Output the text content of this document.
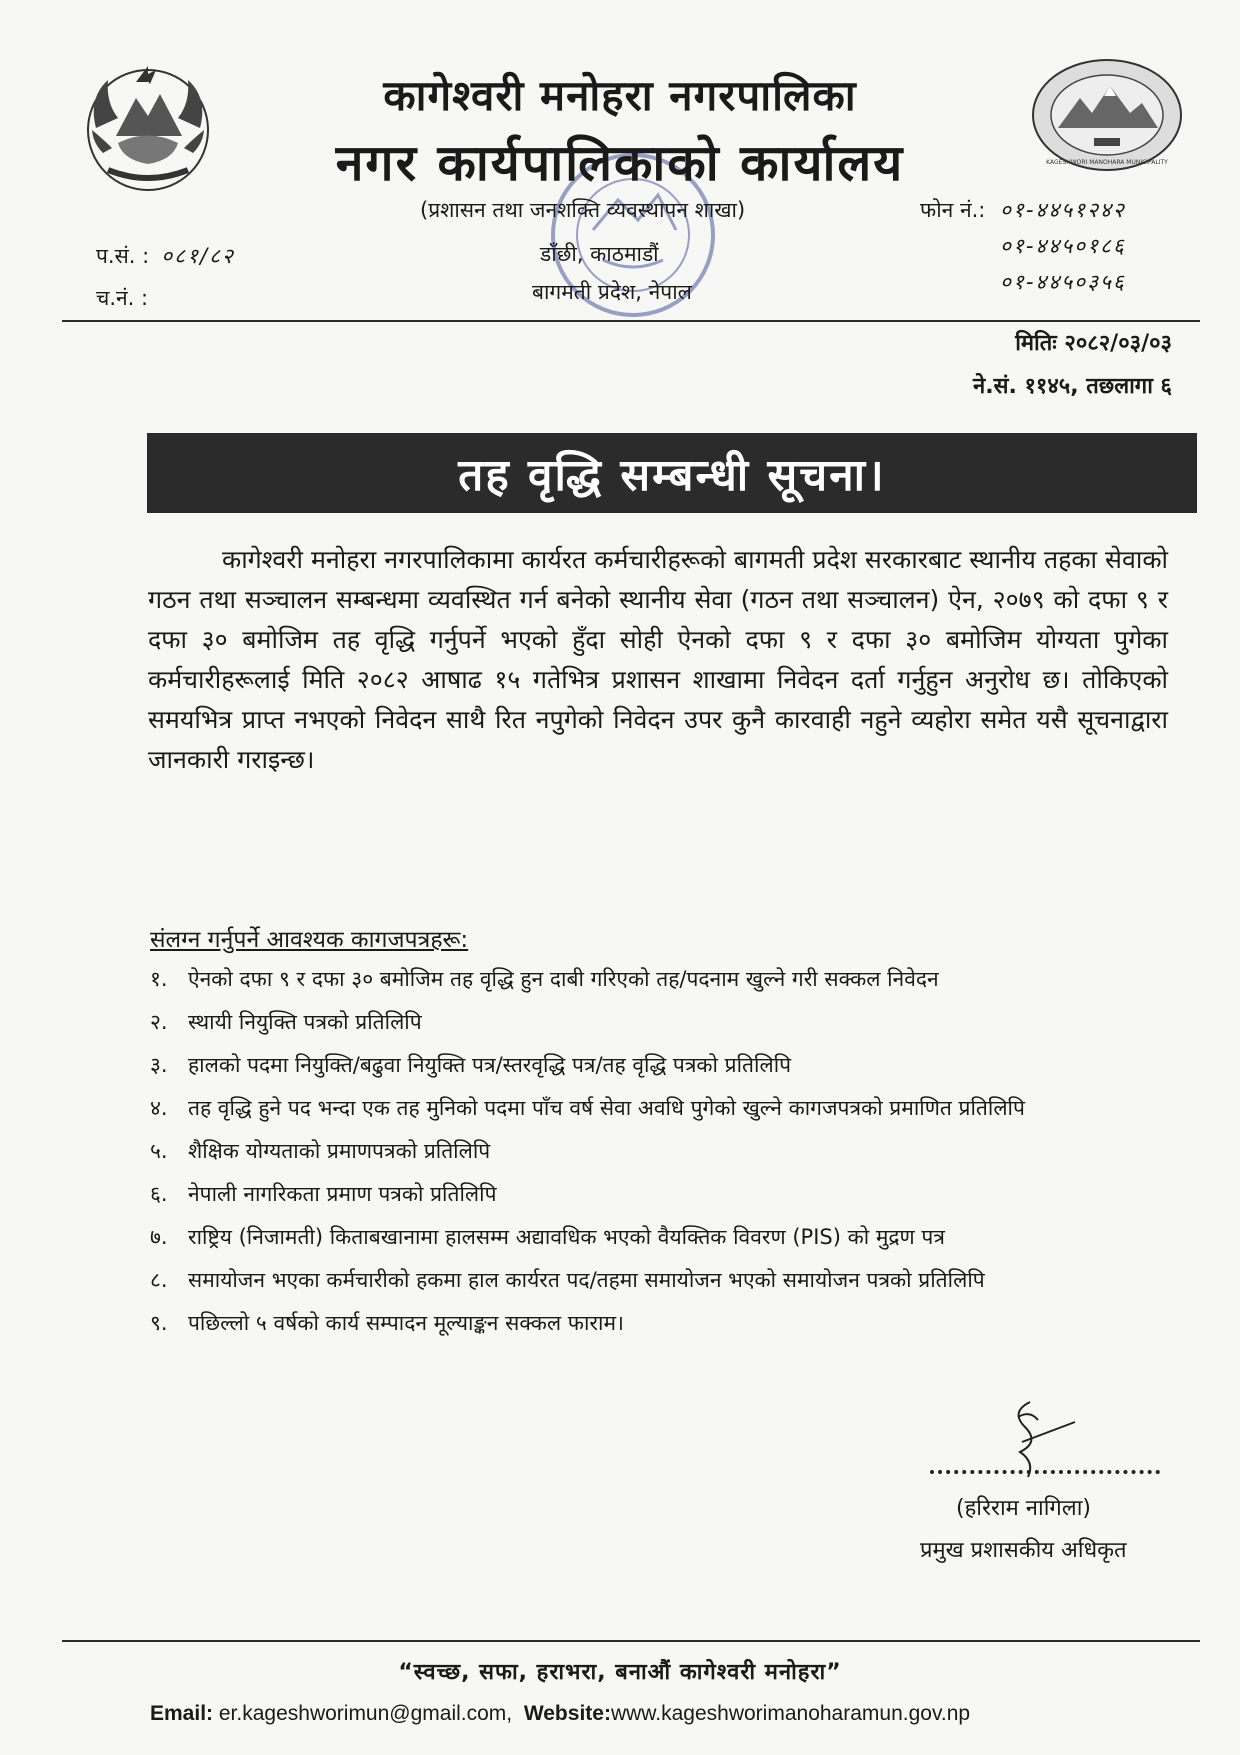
KAGESHWORI MANOHARA MUNICIPALITY
कागेश्वरी मनोहरा नगरपालिका
नगर कार्यपालिकाको कार्यालय
(प्रशासन तथा जनशक्ति व्यवस्थापन शाखा)
डाँछी, काठमाडौं
बागमती प्रदेश, नेपाल
फोन नं.: ०१-४४५१२४२
०१-४४५०१८६
०१-४४५०३५६
प.सं. : ०८१/८२
च.नं. :
मितिः २०८२/०३/०३
ने.सं. ११४५, तछलागा ६
तह वृद्धि सम्बन्धी सूचना।
कागेश्वरी मनोहरा नगरपालिकामा कार्यरत कर्मचारीहरूको बागमती प्रदेश सरकारबाट स्थानीय तहका सेवाको गठन तथा सञ्चालन सम्बन्धमा व्यवस्थित गर्न बनेको स्थानीय सेवा (गठन तथा सञ्चालन) ऐन, २०७९ को दफा ९ र दफा ३० बमोजिम तह वृद्धि गर्नुपर्ने भएको हुँदा सोही ऐनको दफा ९ र दफा ३० बमोजिम योग्यता पुगेका कर्मचारीहरूलाई मिति २०८२ आषाढ १५ गतेभित्र प्रशासन शाखामा निवेदन दर्ता गर्नुहुन अनुरोध छ। तोकिएको समयभित्र प्राप्त नभएको निवेदन साथै रित नपुगेको निवेदन उपर कुनै कारवाही नहुने व्यहोरा समेत यसै सूचनाद्वारा जानकारी गराइन्छ।
संलग्न गर्नुपर्ने आवश्यक कागजपत्रहरू:
१. ऐनको दफा ९ र दफा ३० बमोजिम तह वृद्धि हुन दाबी गरिएको तह/पदनाम खुल्ने गरी सक्कल निवेदन
२. स्थायी नियुक्ति पत्रको प्रतिलिपि
३. हालको पदमा नियुक्ति/बढुवा नियुक्ति पत्र/स्तरवृद्धि पत्र/तह वृद्धि पत्रको प्रतिलिपि
४. तह वृद्धि हुने पद भन्दा एक तह मुनिको पदमा पाँच वर्ष सेवा अवधि पुगेको खुल्ने कागजपत्रको प्रमाणित प्रतिलिपि
५. शैक्षिक योग्यताको प्रमाणपत्रको प्रतिलिपि
६. नेपाली नागरिकता प्रमाण पत्रको प्रतिलिपि
७. राष्ट्रिय (निजामती) किताबखानामा हालसम्म अद्यावधिक भएको वैयक्तिक विवरण (PIS) को मुद्रण पत्र
८. समायोजन भएका कर्मचारीको हकमा हाल कार्यरत पद/तहमा समायोजन भएको समायोजन पत्रको प्रतिलिपि
९. पछिल्लो ५ वर्षको कार्य सम्पादन मूल्याङ्कन सक्कल फाराम।
(हरिराम नागिला)
प्रमुख प्रशासकीय अधिकृत
“स्वच्छ, सफा, हराभरा, बनाऔं कागेश्वरी मनोहरा”
Email: er.kageshworimun@gmail.com, Website:www.kageshworimanoharamun.gov.np
